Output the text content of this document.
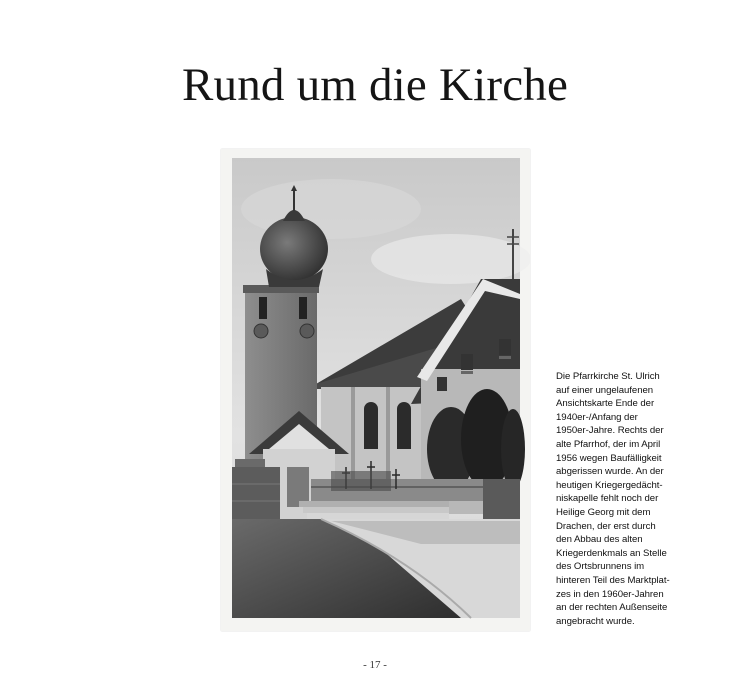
Rund um die Kirche
Die Pfarrkirche St. Ulrich
auf einer ungelaufenen
Ansichtskarte Ende der
1940er-/Anfang der
1950er-Jahre. Rechts der
alte Pfarrhof, der im April
1956 wegen Baufälligkeit
abgerissen wurde. An der
heutigen Kriegergedächt-
niskapelle fehlt noch der
Heilige Georg mit dem
Drachen, der erst durch
den Abbau des alten
Kriegerdenkmals an Stelle
des Ortsbrunnens im
hinteren Teil des Marktplat-
zes in den 1960er-Jahren
an der rechten Außenseite
angebracht wurde.
- 17 -
